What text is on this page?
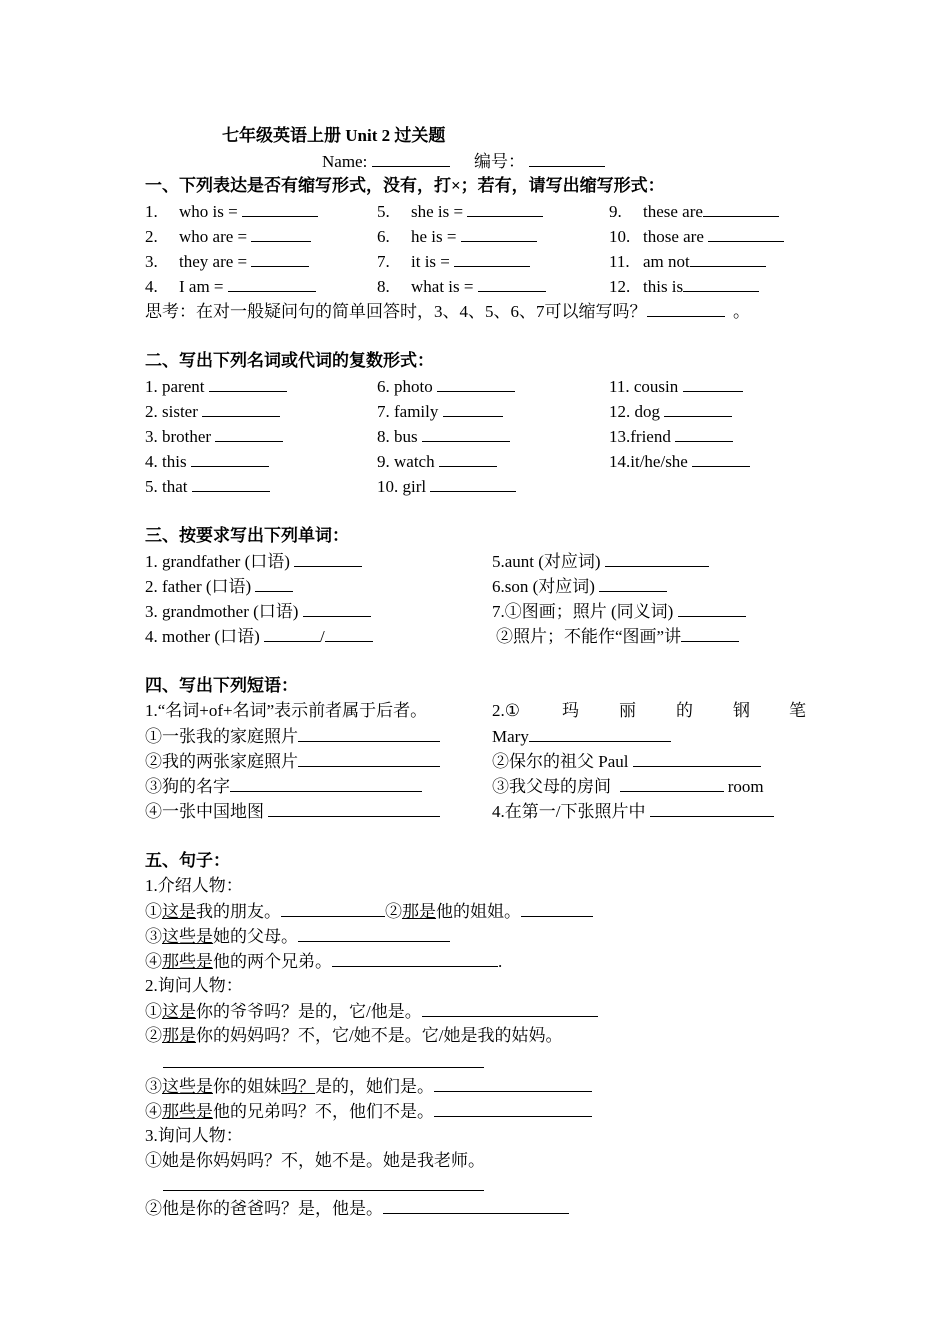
七年级英语上册 Unit 2 过关题
Name:	编号：
一、下列表达是否有缩写形式，没有，打×；若有，请写出缩写形式：
1. who is =	5. she is =	9. these are
2. who are =	6. he is =	10. those are
3. they are =	7. it is =	11. am not
4. I am =	8. what is =	12. this is
思考：在对一般疑问句的简单回答时，3、4、5、6、7可以缩写吗？	。
二、写出下列名词或代词的复数形式：
1. parent	6. photo	11. cousin
2. sister	7. family	12. dog
3. brother	8. bus	13.friend
4. this	9. watch	14.it/he/she
5. that	10. girl
三、按要求写出下列单词：
1. grandfather (口语)	5.aunt (对应词)
2. father (口语)	6.son (对应词)
3. grandmother (口语)	7.①图画；照片 (同义词)
4. mother (口语)	/	②照片；不能作“图画”讲
四、写出下列短语：
1.“名词+of+名词”表示前者属于后者。	2.① 玛 丽 的 钢 笔
①一张我的家庭照片	Mary
②我的两张家庭照片	②保尔的祖父 Paul
③狗的名字	③我父母的房间	room
④一张中国地图	4.在第一/下张照片中
五、句子：
1.介绍人物：
①这是我的朋友。	②那是他的姐姐。
③这些是她的父母。
④那些是他的两个兄弟。	.
2.询问人物：
①这是你的爷爷吗？是的，它/他是。
②那是你的妈妈吗？不，它/她不是。它/她是我的姑妈。
③这些是你的姐妹吗？是的，她们是。
④那些是他的兄弟吗？不，他们不是。
3.询问人物：
①她是你妈妈吗？不，她不是。她是我老师。
②他是你的爸爸吗？是，他是。
